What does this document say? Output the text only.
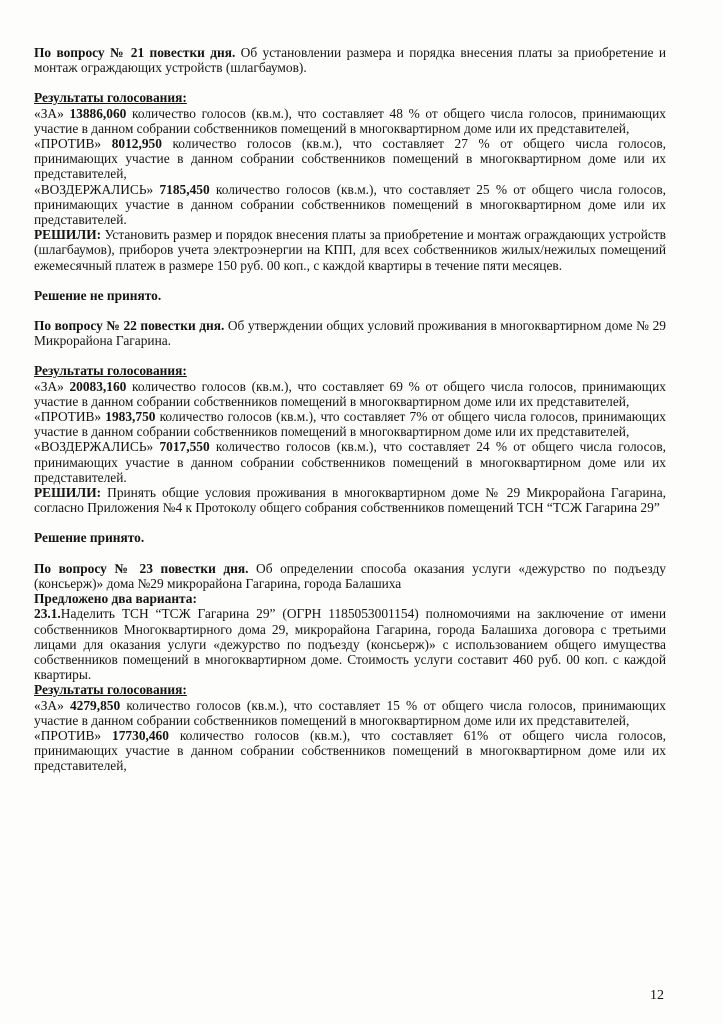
По вопросу № 21 повестки дня. Об установлении размера и порядка внесения платы за приобретение и монтаж ограждающих устройств (шлагбаумов).

Результаты голосования:

«ЗА» 13886,060 количество голосов (кв.м.), что составляет 48 % от общего числа голосов, принимающих участие в данном собрании собственников помещений в многоквартирном доме или их представителей,

«ПРОТИВ» 8012,950 количество голосов (кв.м.), что составляет 27 % от общего числа голосов, принимающих участие в данном собрании собственников помещений в многоквартирном доме или их представителей,

«ВОЗДЕРЖАЛИСЬ» 7185,450 количество голосов (кв.м.), что составляет 25 % от общего числа голосов, принимающих участие в данном собрании собственников помещений в многоквартирном доме или их представителей.

РЕШИЛИ: Установить размер и порядок внесения платы за приобретение и монтаж ограждающих устройств (шлагбаумов), приборов учета электроэнергии на КПП, для всех собственников жилых/нежилых помещений ежемесячный платеж в размере 150 руб. 00 коп., с каждой квартиры в течение пяти месяцев.

Решение не принято.

По вопросу № 22 повестки дня. Об утверждении общих условий проживания в многоквартирном доме № 29 Микрорайона Гагарина.

Результаты голосования:

«ЗА» 20083,160 количество голосов (кв.м.), что составляет 69 % от общего числа голосов, принимающих участие в данном собрании собственников помещений в многоквартирном доме или их представителей,

«ПРОТИВ» 1983,750 количество голосов (кв.м.), что составляет 7% от общего числа голосов, принимающих участие в данном собрании собственников помещений в многоквартирном доме или их представителей,

«ВОЗДЕРЖАЛИСЬ» 7017,550 количество голосов (кв.м.), что составляет 24 % от общего числа голосов, принимающих участие в данном собрании собственников помещений в многоквартирном доме или их представителей.

РЕШИЛИ: Принять общие условия проживания в многоквартирном доме № 29 Микрорайона Гагарина, согласно Приложения №4 к Протоколу общего собрания собственников помещений ТСН “ТСЖ Гагарина 29”

Решение принято.

По вопросу № 23 повестки дня. Об определении способа оказания услуги «дежурство по подъезду (консьерж)» дома №29 микрорайона Гагарина, города Балашиха

Предложено два варианта:

23.1.Наделить ТСН “ТСЖ Гагарина 29” (ОГРН 1185053001154) полномочиями на заключение от имени собственников Многоквартирного дома 29, микрорайона Гагарина, города Балашиха договора с третьими лицами для оказания услуги «дежурство по подъезду (консьерж)» с использованием общего имущества собственников помещений в многоквартирном доме. Стоимость услуги составит 460 руб. 00 коп. с каждой квартиры.

Результаты голосования:

«ЗА» 4279,850 количество голосов (кв.м.), что составляет 15 % от общего числа голосов, принимающих участие в данном собрании собственников помещений в многоквартирном доме или их представителей,

«ПРОТИВ» 17730,460 количество голосов (кв.м.), что составляет 61% от общего числа голосов, принимающих участие в данном собрании собственников помещений в многоквартирном доме или их представителей,

12
